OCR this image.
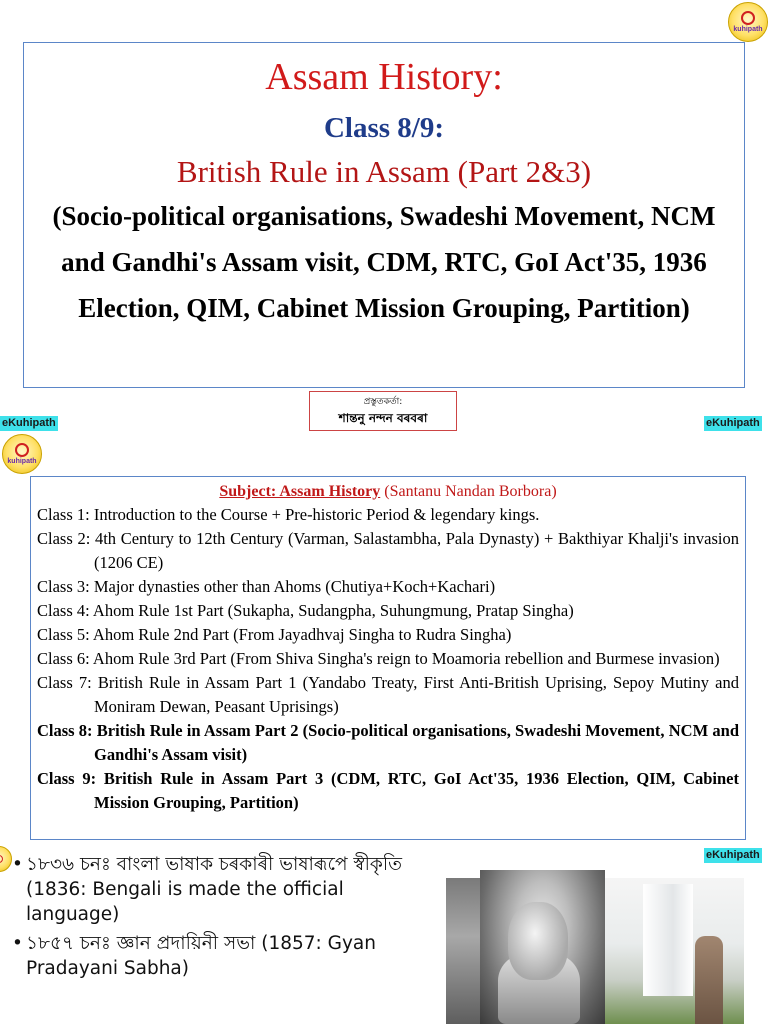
kuhipath
Assam History:
Class 8/9:
British Rule in Assam (Part 2&3)
(Socio-political organisations, Swadeshi Movement, NCM and Gandhi's Assam visit, CDM, RTC, GoI Act'35, 1936 Election, QIM, Cabinet Mission Grouping, Partition)
eKuhipath	eKuhipath
প্ৰস্তুতকৰ্তা:
শান্তনু নন্দন বৰবৰা
kuhipath
Subject: Assam History (Santanu Nandan Borbora)
Class 1: Introduction to the Course + Pre-historic Period & legendary kings.
Class 2: 4th Century to 12th Century (Varman, Salastambha, Pala Dynasty) + Bakthiyar Khalji's invasion (1206 CE)
Class 3: Major dynasties other than Ahoms (Chutiya+Koch+Kachari)
Class 4: Ahom Rule 1st Part (Sukapha, Sudangpha, Suhungmung, Pratap Singha)
Class 5: Ahom Rule 2nd Part (From Jayadhvaj Singha to Rudra Singha)
Class 6: Ahom Rule 3rd Part (From Shiva Singha's reign to Moamoria rebellion and Burmese invasion)
Class 7: British Rule in Assam Part 1 (Yandabo Treaty, First Anti-British Uprising, Sepoy Mutiny and Moniram Dewan, Peasant Uprisings)
Class 8: British Rule in Assam Part 2 (Socio-political organisations, Swadeshi Movement, NCM and Gandhi's Assam visit)
Class 9: British Rule in Assam Part 3 (CDM, RTC, GoI Act'35, 1936 Election, QIM, Cabinet Mission Grouping, Partition)
eKuhipath
• ১৮৩৬ চনঃ বাংলা ভাষাক চৰকাৰী ভাষাৰূপে স্বীকৃতি (1836: Bengali is made the official language)
• ১৮৫৭ চনঃ জ্ঞান প্ৰদায়িনী সভা (1857: Gyan Pradayani Sabha)
